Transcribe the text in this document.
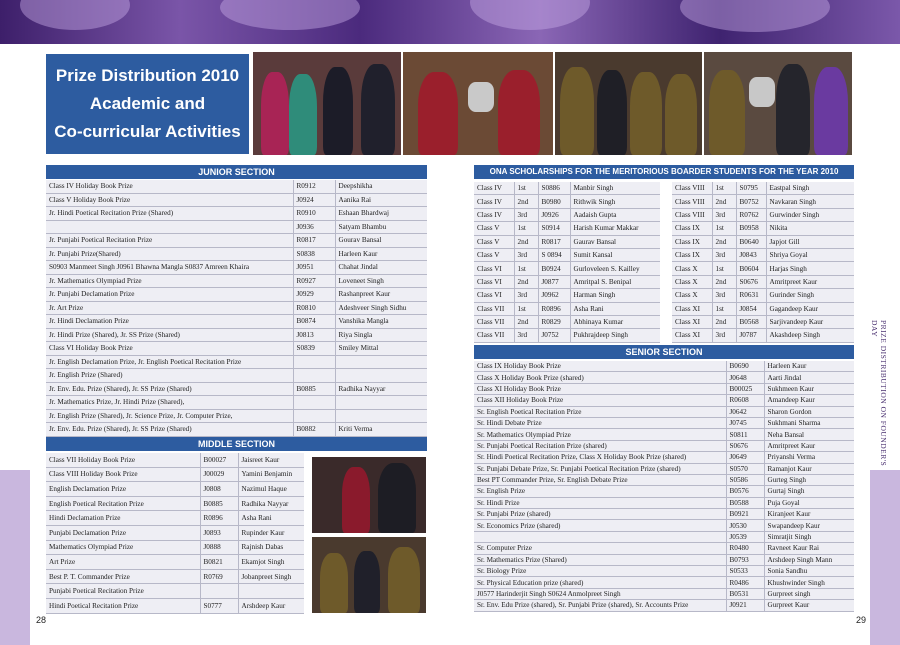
Prize Distribution 2010
Academic and
Co-curricular Activities
JUNIOR SECTION
Class IV Holiday Book Prize	R0912	Deepshikha
Class V Holiday Book Prize	J0924	Aanika Rai
Jr. Hindi Poetical Recitation Prize (Shared)	R0910	Eshaan Bhardwaj
	J0936	Satyam Bhambu
Jr. Punjabi Poetical Recitation Prize	R0817	Gourav Bansal
Jr. Punjabi Prize(Shared)	S0838	Harleen Kaur
S0903 Manmeet Singh J0961 Bhawna Mangla S0837 Amreen Khaira	J0951	Chahat Jindal
Jr. Mathematics Olympiad Prize	R0927	Loveneet Singh
Jr. Punjabi Declamation Prize	J0929	Rashanpreet Kaur
Jr. Art Prize	R0810	Adeshveer Singh Sidhu
Jr. Hindi Declamation Prize	B0874	Vanshika Mangla
Jr. Hindi Prize (Shared), Jr. SS Prize (Shared)	J0813	Riya Singla
Class VI Holiday Book Prize	S0839	Smiley Mittal
Jr. English Declamation Prize, Jr. English Poetical Recitation Prize		
Jr. English Prize (Shared)		
Jr. Env. Edu. Prize (Shared), Jr. SS Prize (Shared)	B0885	Radhika Nayyar
Jr. Mathematics Prize, Jr. Hindi Prize (Shared),		
Jr. English Prize (Shared), Jr. Science Prize, Jr. Computer Prize,		
Jr. Env. Edu. Prize (Shared), Jr. SS Prize (Shared)	B0882	Kriti Verma
MIDDLE SECTION
Class VII Holiday Book Prize	B00027	Jaisreet Kaur
Class VIII Holiday Book Prize	J00029	Yamini Benjamin
English Declamation Prize	J0808	Nazimul Haque
English Poetical Recitation Prize	B0885	Radhika Nayyar
Hindi Declamation Prize	R0896	Asha Rani
Punjabi Declamation Prize	J0893	Rupinder Kaur
Mathematics Olympiad Prize	J0888	Rajnish Dabas
Art Prize	B0821	Ekamjot Singh
Best P. T. Commander Prize	R0769	Jobanpreet Singh
Punjabi Poetical Recitation Prize		
Hindi Poetical Recitation Prize	S0777	Arshdeep Kaur
ONA SCHOLARSHIPS FOR THE MERITORIOUS BOARDER STUDENTS FOR THE YEAR 2010
Class IV	1st	S0886	Manbir Singh
Class IV	2nd	B0980	Rithwik Singh
Class IV	3rd	J0926	Aadaish Gupta
Class V	1st	S0914	Harish Kumar Makkar
Class V	2nd	R0817	Gaurav Bansal
Class V	3rd	S 0894	Sumit Kansal
Class VI	1st	B0924	Gurloveleen S. Kailley
Class VI	2nd	J0877	Amritpal S. Benipal
Class VI	3rd	J0962	Harman Singh
Class VII	1st	R0896	Asha Rani
Class VII	2nd	R0829	Abhinaya Kumar
Class VII	3rd	J0752	Pukhrajdeep Singh
Class VIII	1st	S0795	Eastpal Singh
Class VIII	2nd	B0752	Navkaran Singh
Class VIII	3rd	R0762	Gurwinder Singh
Class IX	1st	B0958	Nikita
Class IX	2nd	B0640	Japjot Gill
Class IX	3rd	J0843	Shriya Goyal
Class X	1st	B0604	Harjas Singh
Class X	2nd	S0676	Amritpreet Kaur
Class X	3rd	R0631	Gurinder Singh
Class XI	1st	J0854	Gagandeep Kaur
Class XI	2nd	B0568	Sarjivandeep Kaur
Class XI	3rd	J0787	Akashdeep Singh
SENIOR SECTION
Class IX Holiday Book Prize	B0690	Harleen Kaur
Class X Holiday Book Prize (shared)	J0648	Aarti Jindal
Class XI Holiday Book Prize	B00025	Sukhmeen Kaur
Class XII Holiday Book Prize	R0608	Amandeep Kaur
Sr. English Poetical Recitation Prize	J0642	Sharon Gordon
Sr. Hindi Debate Prize	J0745	Sukhmani Sharma
Sr. Mathematics Olympiad Prize	S0811	Neha Bansal
Sr. Punjabi Poetical Recitation Prize (shared)	S0676	Amritpreet Kaur
Sr. Hindi Poetical Recitation Prize, Class X Holiday Book Prize (shared)	J0649	Priyanshi Verma
Sr. Punjabi Debate Prize, Sr. Punjabi Poetical Recitation Prize (shared)	S0570	Ramanjot Kaur
Best PT Commander Prize, Sr. English Debate Prize	S0586	Gurteg Singh
Sr. English Prize	B0576	Gurtaj Singh
Sr. Hindi Prize	B0588	Puja Goyal
Sr. Punjabi Prize (shared)	B0921	Kiranjeet Kaur
Sr. Economics Prize (shared)	J0530	Swapandeep Kaur
	J0539	Simratjit Singh
Sr. Computer Prize	R0480	Ravneet Kaur Rai
Sr. Mathematics Prize (Shared)	B0793	Arshdeep Singh Mann
Sr. Biology Prize	S0533	Sonia Sandhu
Sr. Physical Education prize (shared)	R0486	Khushwinder Singh
J0577 Harinderjit Singh S0624 Anmolpreet Singh	B0531	Gurpreet singh
Sr. Env. Edu Prize (shared), Sr. Punjabi Prize (shared), Sr. Accounts Prize	J0921	Gurpreet Kaur
PRIZE DISTRIBUTION ON FOUNDER'S DAY
28	29
